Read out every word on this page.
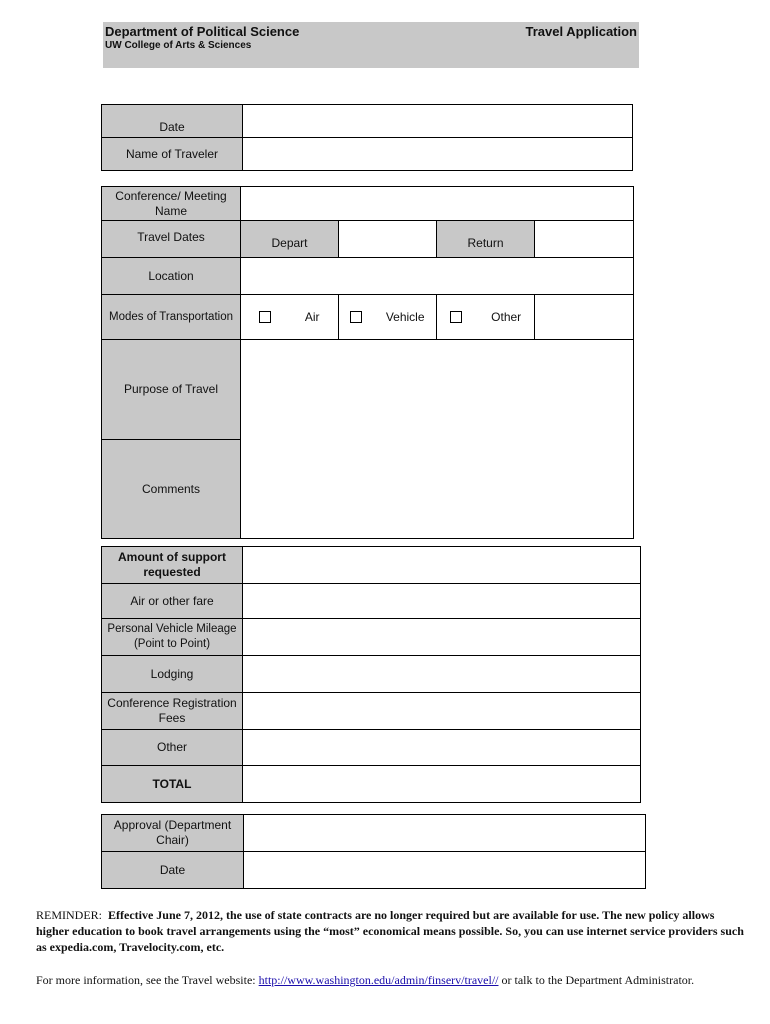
Department of Political Science
UW College of Arts & Sciences
Travel Application
Date	
Name of Traveler	
Conference/ Meeting Name				
Travel Dates	Depart		Return	
Location				
Modes of Transportation	Air	Vehicle	Other	
Purpose of Travel				
Comments				
Amount of support requested	
Air or other fare	
Personal Vehicle Mileage (Point to Point)	
Lodging	
Conference Registration Fees	
Other	
TOTAL	
Approval (Department Chair)	
Date	
REMINDER: Effective June 7, 2012, the use of state contracts are no longer required but are available for use. The new policy allows higher education to book travel arrangements using the “most” economical means possible. So, you can use internet service providers such as expedia.com, Travelocity.com, etc.
For more information, see the Travel website: http://www.washington.edu/admin/finserv/travel// or talk to the Department Administrator.
